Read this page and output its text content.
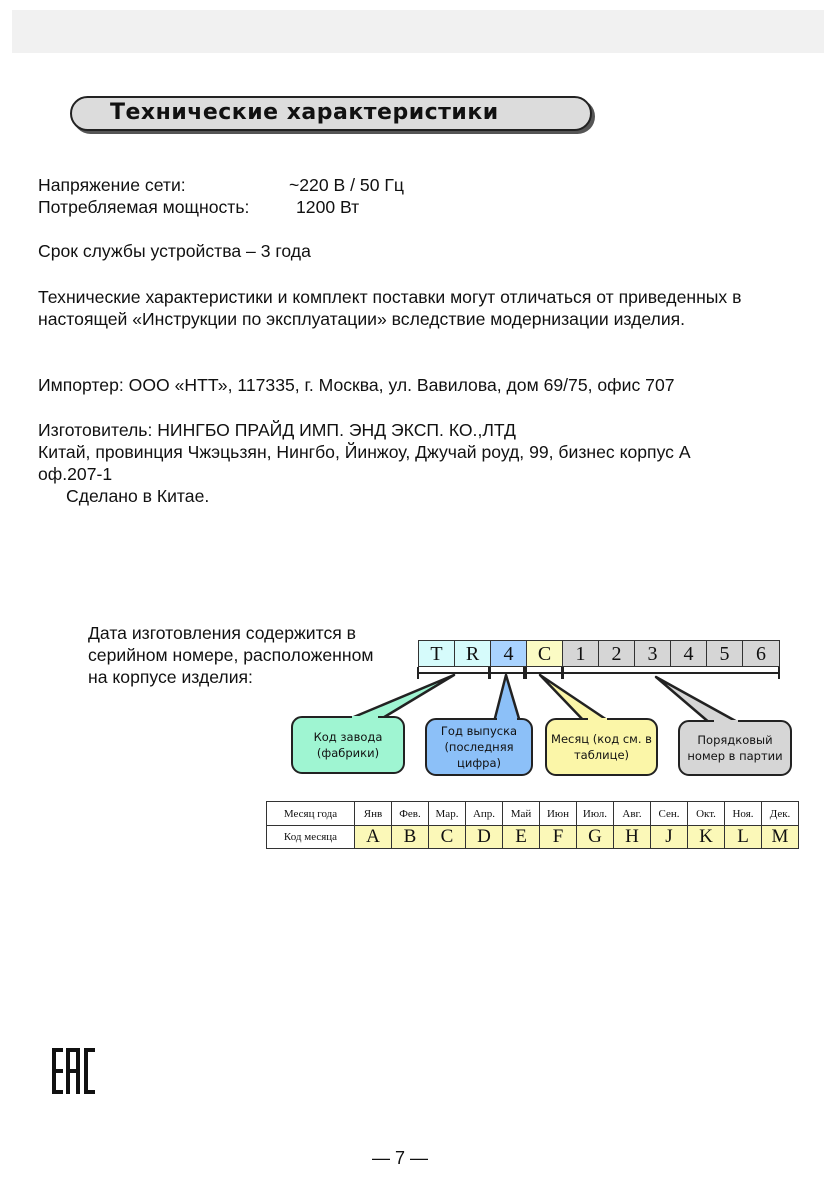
Технические характеристики

Напряжение сети:	~220 В / 50 Гц

Потребляемая мощность:	1200 Вт

Срок службы устройства – 3 года

Технические характеристики и комплект поставки могут отличаться от приведенных в настоящей «Инструкции по эксплуатации» вследствие модернизации изделия.

Импортер: ООО «НТТ», 117335, г. Москва, ул. Вавилова, дом 69/75, офис 707

Изготовитель: НИНГБО ПРАЙД ИМП. ЭНД ЭКСП. КО.,ЛТД

Китай, провинция Чжэцьзян, Нингбо, Йинжоу, Джучай роуд, 99, бизнес корпус А

оф.207-1

Сделано в Китае.

Дата изготовления содержится в серийном номере, расположенном на корпусе изделия:

T	R	4	C	1	2	3	4	5	6
Код завода (фабрики)
Год выпуска (последняя цифра)
Месяц (код см. в таблице)
Порядковый номер в партии
Месяц года	Янв	Фев.	Мар.	Апр.	Май	Июн	Июл.	Авг.	Сен.	Окт.	Ноя.	Дек.
Код месяца	A	B	C	D	E	F	G	H	J	K	L	M
— 7 —
